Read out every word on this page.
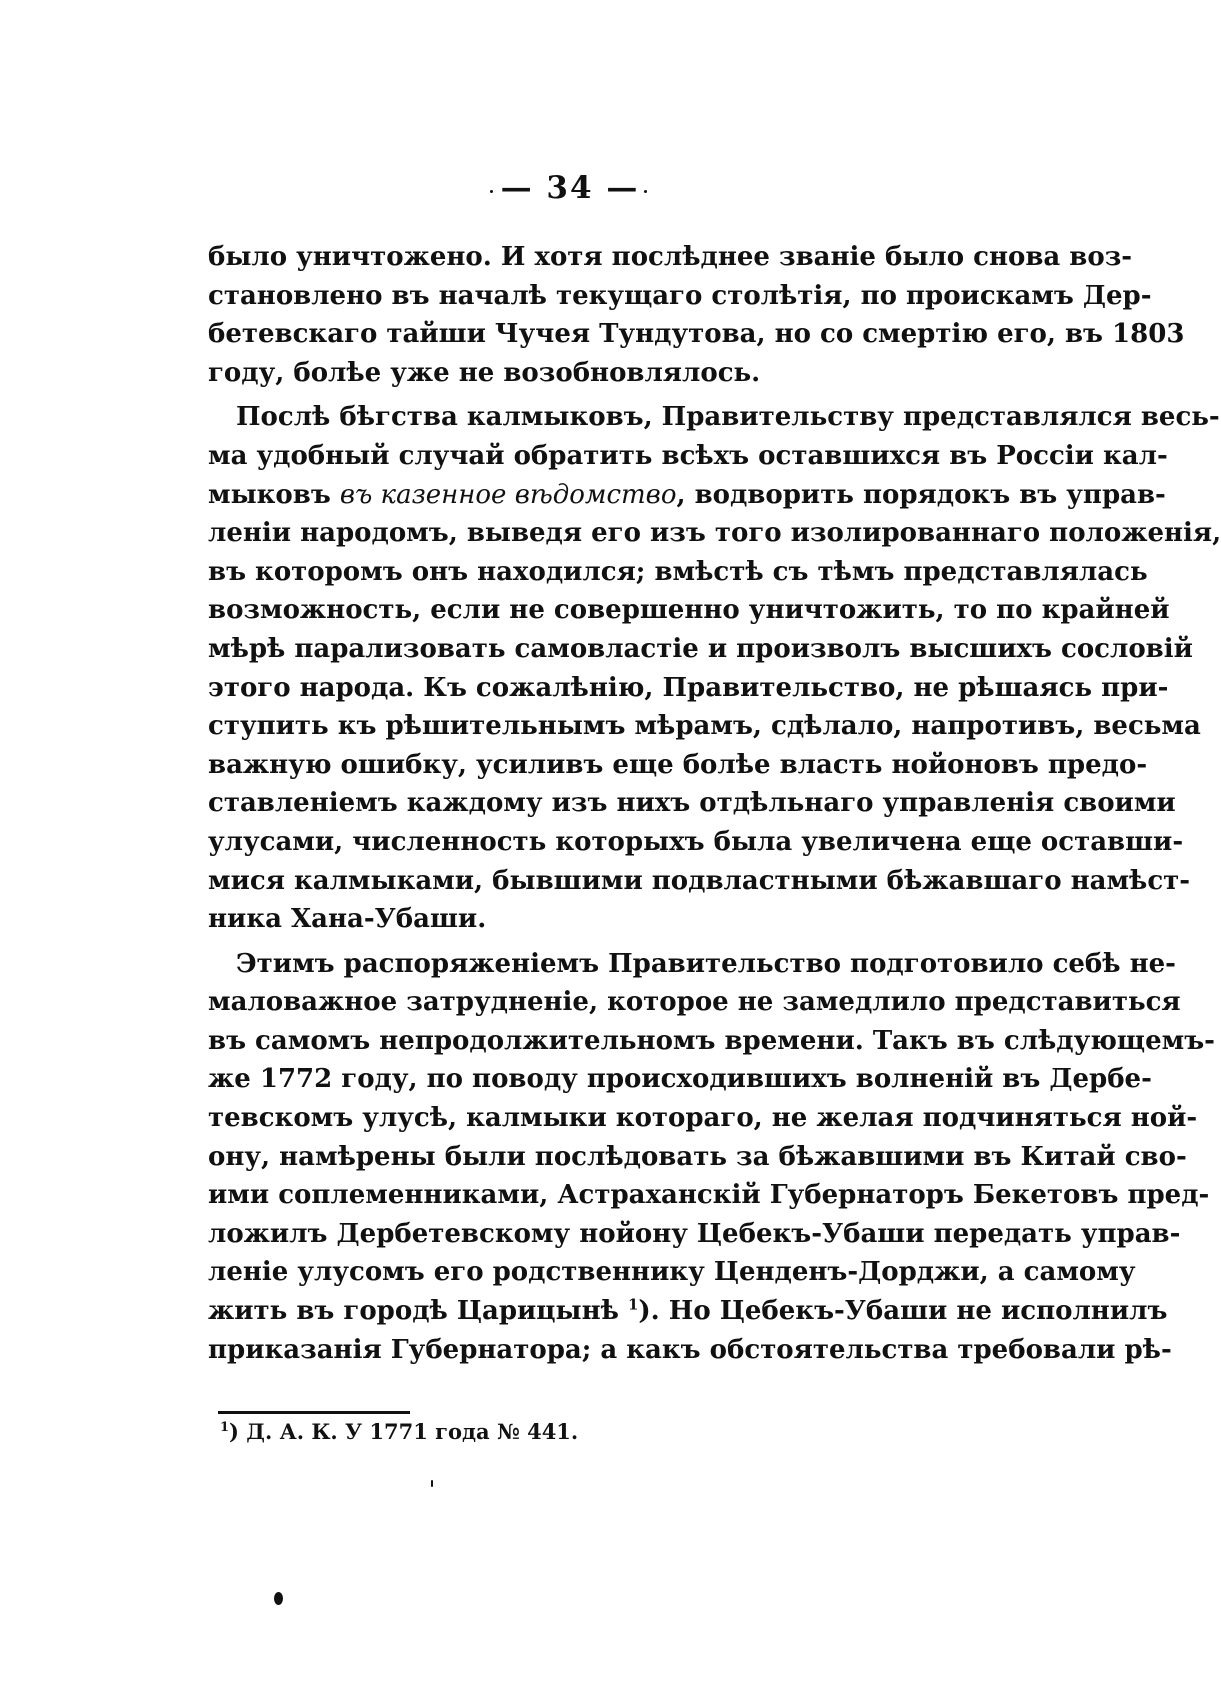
— 34 —
было уничтожено. И хотя послѣднее званіе было снова воз-
становлено въ началѣ текущаго столѣтія, по проискамъ Дер-
бетевскаго тайши Чучея Тундутова, но со смертію его, въ 1803
году, болѣе уже не возобновлялось.
Послѣ бѣгства калмыковъ, Правительству представлялся весь-
ма удобный случай обратить всѣхъ оставшихся въ Россіи кал-
мыковъ въ казенное вѣдомство, водворить порядокъ въ управ-
леніи народомъ, выведя его изъ того изолированнаго положенія,
въ которомъ онъ находился; вмѣстѣ съ тѣмъ представлялась
возможность, если не совершенно уничтожить, то по крайней
мѣрѣ парализовать самовластіе и произволъ высшихъ сословій
этого народа. Къ сожалѣнію, Правительство, не рѣшаясь при-
ступить къ рѣшительнымъ мѣрамъ, сдѣлало, напротивъ, весьма
важную ошибку, усиливъ еще болѣе власть нойоновъ предо-
ставленіемъ каждому изъ нихъ отдѣльнаго управленія своими
улусами, численность которыхъ была увеличена еще оставши-
мися калмыками, бывшими подвластными бѣжавшаго намѣст-
ника Хана-Убаши.
Этимъ распоряженіемъ Правительство подготовило себѣ не-
маловажное затрудненіе, которое не замедлило представиться
въ самомъ непродолжительномъ времени. Такъ въ слѣдующемъ-
же 1772 году, по поводу происходившихъ волненій въ Дербе-
тевскомъ улусѣ, калмыки котораго, не желая подчиняться ной-
ону, намѣрены были послѣдовать за бѣжавшими въ Китай сво-
ими соплеменниками, Астраханскій Губернаторъ Бекетовъ пред-
ложилъ Дербетевскому нойону Цебекъ-Убаши передать управ-
леніе улусомъ его родственнику Ценденъ-Дорджи, а самому
жить въ городѣ Царицынѣ $^1$). Но Цебекъ-Убаши не исполнилъ
приказанія Губернатора; а какъ обстоятельства требовали рѣ-
$^1$) Д. А. К. У 1771 года № 441.
